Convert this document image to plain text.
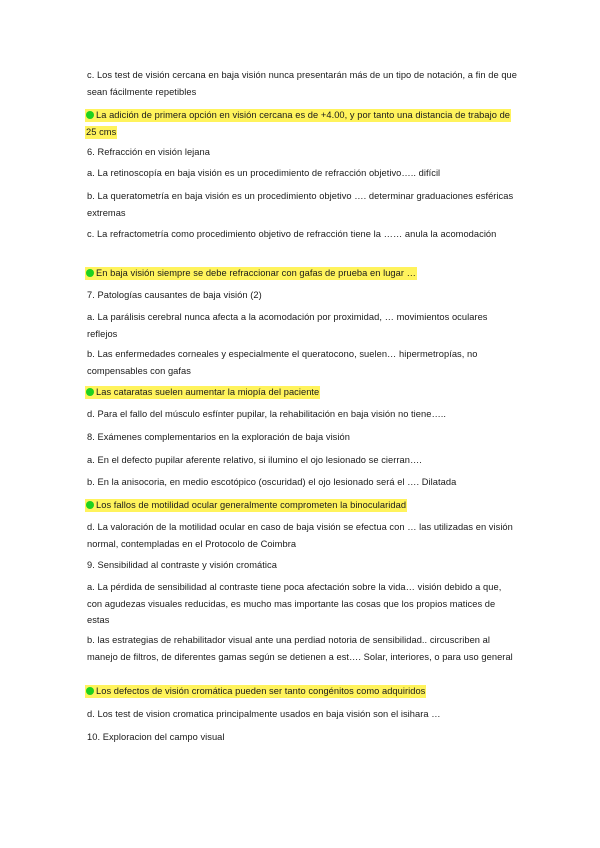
c. Los test de visión cercana en baja visión nunca presentarán más de un tipo de notación, a fin de que sean fácilmente repetibles

La adición de primera opción en visión cercana es de +4.00, y por tanto una distancia de trabajo de 25 cms

6. Refracción en visión lejana

a. La retinoscopía en baja visión es un procedimiento de refracción objetivo….. difícil

b. La queratometría en baja visión es un procedimiento objetivo …. determinar graduaciones esféricas extremas

c. La refractometría como procedimiento objetivo de refracción tiene la …… anula la acomodación

En baja visión siempre se debe refraccionar con gafas de prueba en lugar …

7. Patologías causantes de baja visión (2)

a. La parálisis cerebral nunca afecta a la acomodación por proximidad, … movimientos oculares reflejos

b. Las enfermedades corneales y especialmente el queratocono, suelen… hipermetropías, no compensables con gafas

Las cataratas suelen aumentar la miopía del paciente

d. Para el fallo del músculo esfínter pupilar, la rehabilitación en baja visión no tiene…..

8. Exámenes complementarios en la exploración de baja visión

a. En el defecto pupilar aferente relativo, si ilumino el ojo lesionado se cierran….

b. En la anisocoria, en medio escotópico (oscuridad) el ojo lesionado será el …. Dilatada

Los fallos de motilidad ocular generalmente comprometen la binocularidad

d. La valoración de la motilidad ocular en caso de baja visión se efectua con … las utilizadas en visión normal, contempladas en el Protocolo de Coimbra

9. Sensibilidad al contraste y visión cromática

a. La pérdida de sensibilidad al contraste tiene poca afectación sobre la vida… visión debido a que, con agudezas visuales reducidas, es mucho mas importante las cosas que los propios matices de estas

b. las estrategias de rehabilitador visual ante una perdiad notoria de sensibilidad.. circuscriben al manejo de filtros, de diferentes gamas según se detienen a est…. Solar, interiores, o para uso general

Los defectos de visión cromática pueden ser tanto congénitos como adquiridos

d. Los test de vision cromatica principalmente usados en baja visión son el isihara …

10. Exploracion del campo visual
